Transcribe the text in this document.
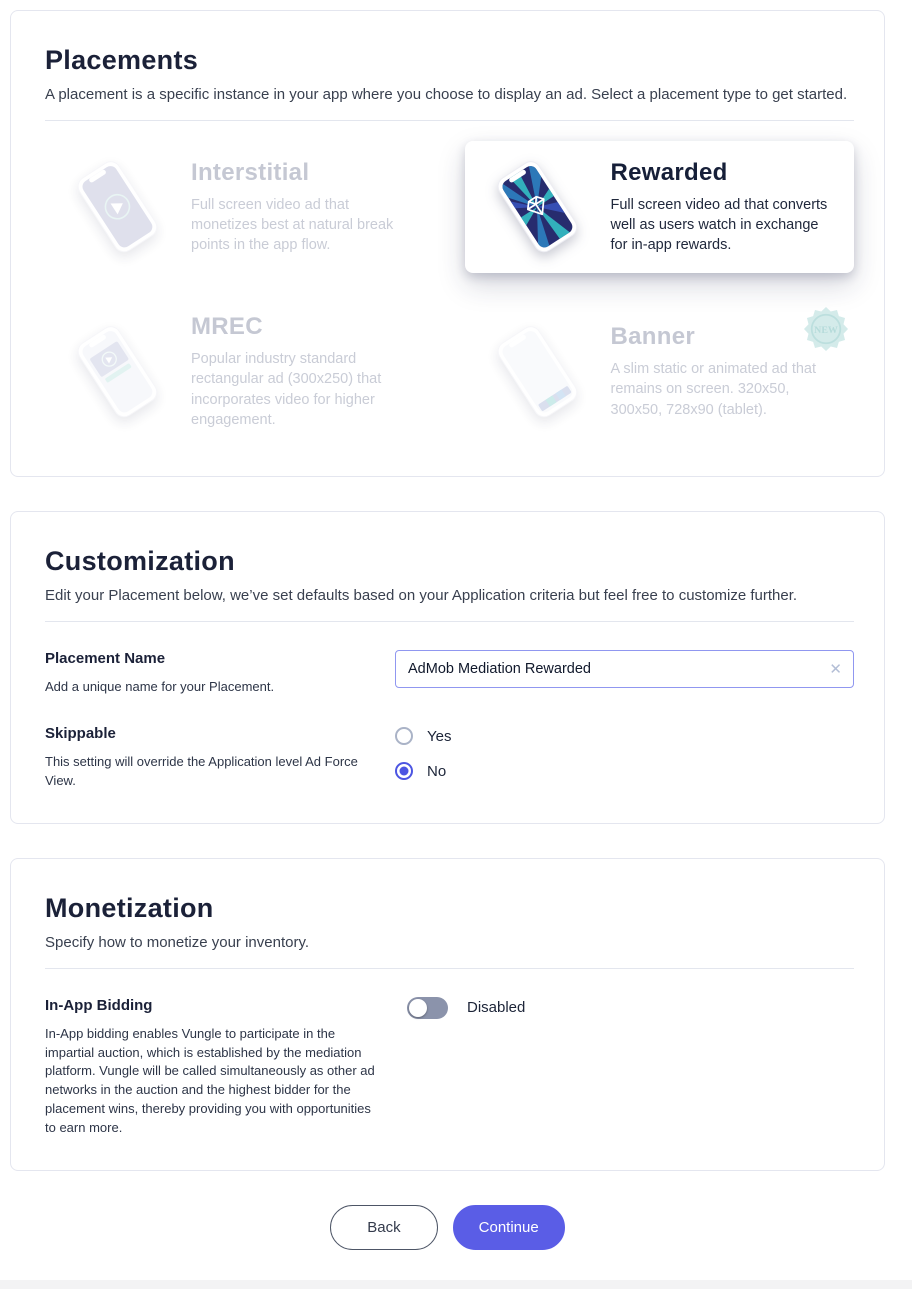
Placements
A placement is a specific instance in your app where you choose to display an ad. Select a placement type to get started.
Interstitial
Full screen video ad that monetizes best at natural break points in the app flow.
Rewarded
Full screen video ad that converts well as users watch in exchange for in-app rewards.
MREC
Popular industry standard rectangular ad (300x250) that incorporates video for higher engagement.
Banner
A slim static or animated ad that remains on screen. 320x50, 300x50, 728x90 (tablet).
NEW
Customization
Edit your Placement below, we’ve set defaults based on your Application criteria but feel free to customize further.
Placement Name
Add a unique name for your Placement.
AdMob Mediation Rewarded
✕
Skippable
This setting will override the Application level Ad Force View.
Yes
No
Monetization
Specify how to monetize your inventory.
In-App Bidding
In-App bidding enables Vungle to participate in the impartial auction, which is established by the mediation platform. Vungle will be called simultaneously as other ad networks in the auction and the highest bidder for the placement wins, thereby providing you with opportunities to earn more.
Disabled
Back	Continue
